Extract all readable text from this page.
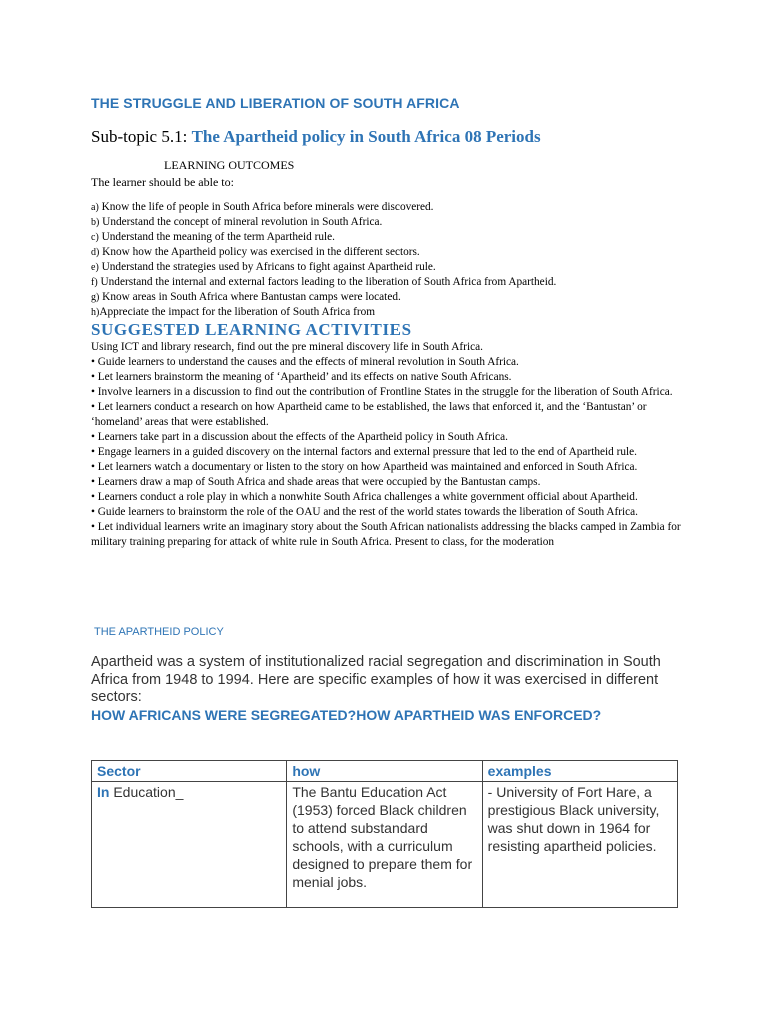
THE STRUGGLE AND LIBERATION OF SOUTH AFRICA
Sub-topic 5.1: The Apartheid policy in South Africa 08 Periods
LEARNING OUTCOMES
The learner should be able to:
a) Know the life of people in South Africa before minerals were discovered.
b) Understand the concept of mineral revolution in South Africa.
c) Understand the meaning of the term Apartheid rule.
d) Know how the Apartheid policy was exercised in the different sectors.
e) Understand the strategies used by Africans to fight against Apartheid rule.
f) Understand the internal and external factors leading to the liberation of South Africa from Apartheid.
g) Know areas in South Africa where Bantustan camps were located.
h)Appreciate the impact for the liberation of South Africa from
SUGGESTED LEARNING ACTIVITIES

Using ICT and library research, find out the pre mineral discovery life in South Africa.

• Guide learners to understand the causes and the effects of mineral revolution in South Africa.

• Let learners brainstorm the meaning of ‘Apartheid’ and its effects on native South Africans.

• Involve learners in a discussion to find out the contribution of Frontline States in the struggle for the liberation of South Africa.

• Let learners conduct a research on how Apartheid came to be established, the laws that enforced it, and the ‘Bantustan’ or ‘homeland’ areas that were established.

• Learners take part in a discussion about the effects of the Apartheid policy in South Africa.

• Engage learners in a guided discovery on the internal factors and external pressure that led to the end of Apartheid rule.

• Let learners watch a documentary or listen to the story on how Apartheid was maintained and enforced in South Africa.

• Learners draw a map of South Africa and shade areas that were occupied by the Bantustan camps.

• Learners conduct a role play in which a nonwhite South Africa challenges a white government official about Apartheid.

• Guide learners to brainstorm the role of the OAU and the rest of the world states towards the liberation of South Africa.

• Let individual learners write an imaginary story about the South African nationalists addressing the blacks camped in Zambia for military training preparing for attack of white rule in South Africa. Present to class, for the moderation

THE APARTHEID POLICY
Apartheid was a system of institutionalized racial segregation and discrimination in South Africa from 1948 to 1994. Here are specific examples of how it was exercised in different sectors:
HOW AFRICANS WERE SEGREGATED?HOW APARTHEID WAS ENFORCED?
Sector	how	examples
In Education_	The Bantu Education Act (1953) forced Black children to attend substandard schools, with a curriculum designed to prepare them for menial jobs.	- University of Fort Hare, a prestigious Black university, was shut down in 1964 for resisting apartheid policies.
